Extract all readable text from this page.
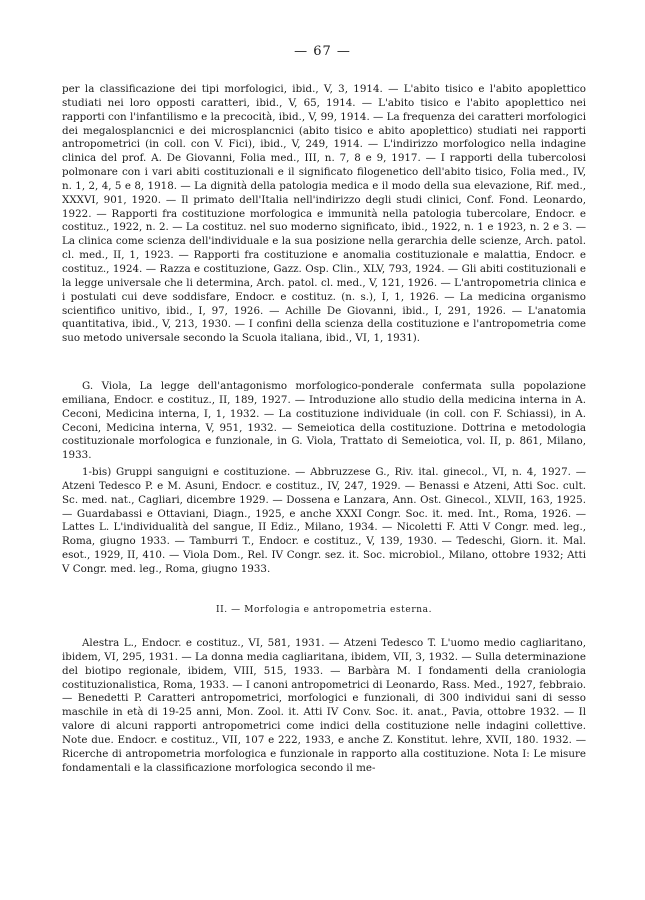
— 67 —

per la classificazione dei tipi morfologici, ibid., V, 3, 1914. — L'abito tisico e l'abito apoplettico studiati nei loro opposti caratteri, ibid., V, 65, 1914. — L'abito tisico e l'abito apoplettico nei rapporti con l'infantilismo e la precocità, ibid., V, 99, 1914. — La frequenza dei caratteri morfologici dei megalosplancnici e dei microsplancnici (abito tisico e abito apoplettico) studiati nei rapporti antropometrici (in coll. con V. Fici), ibid., V, 249, 1914. — L'indirizzo morfologico nella indagine clinica del prof. A. De Giovanni, Folia med., III, n. 7, 8 e 9, 1917. — I rapporti della tubercolosi polmonare con i vari abiti costituzionali e il significato filogenetico dell'abito tisico, Folia med., IV, n. 1, 2, 4, 5 e 8, 1918. — La dignità della patologia medica e il modo della sua elevazione, Rif. med., XXXVI, 901, 1920. — Il primato dell'Italia nell'indirizzo degli studi clinici, Conf. Fond. Leonardo, 1922. — Rapporti fra costituzione morfologica e immunità nella patologia tubercolare, Endocr. e costituz., 1922, n. 2. — La costituz. nel suo moderno significato, ibid., 1922, n. 1 e 1923, n. 2 e 3. — La clinica come scienza dell'individuale e la sua posizione nella gerarchia delle scienze, Arch. patol. cl. med., II, 1, 1923. — Rapporti fra costituzione e anomalia costituzionale e malattia, Endocr. e costituz., 1924. — Razza e costituzione, Gazz. Osp. Clin., XLV, 793, 1924. — Gli abiti costituzionali e la legge universale che li determina, Arch. patol. cl. med., V, 121, 1926. — L'antropometria clinica e i postulati cui deve soddisfare, Endocr. e costituz. (n. s.), I, 1, 1926. — La medicina organismo scientifico unitivo, ibid., I, 97, 1926. — Achille De Giovanni, ibid., I, 291, 1926. — L'anatomia quantitativa, ibid., V, 213, 1930. — I confini della scienza della costituzione e l'antropometria come suo metodo universale secondo la Scuola italiana, ibid., VI, 1, 1931).

G. Viola, La legge dell'antagonismo morfologico-ponderale confermata sulla popolazione emiliana, Endocr. e costituz., II, 189, 1927. — Introduzione allo studio della medicina interna in A. Ceconi, Medicina interna, I, 1, 1932. — La costituzione individuale (in coll. con F. Schiassi), in A. Ceconi, Medicina interna, V, 951, 1932. — Semeiotica della costituzione. Dottrina e metodologia costituzionale morfologica e funzionale, in G. Viola, Trattato di Semeiotica, vol. II, p. 861, Milano, 1933.

1-bis) Gruppi sanguigni e costituzione. — Abbruzzese G., Riv. ital. ginecol., VI, n. 4, 1927. — Atzeni Tedesco P. e M. Asuni, Endocr. e costituz., IV, 247, 1929. — Benassi e Atzeni, Atti Soc. cult. Sc. med. nat., Cagliari, dicembre 1929. — Dossena e Lanzara, Ann. Ost. Ginecol., XLVII, 163, 1925. — Guardabassi e Ottaviani, Diagn., 1925, e anche XXXI Congr. Soc. it. med. Int., Roma, 1926. — Lattes L. L'individualità del sangue, II Ediz., Milano, 1934. — Nicoletti F. Atti V Congr. med. leg., Roma, giugno 1933. — Tamburri T., Endocr. e costituz., V, 139, 1930. — Tedeschi, Giorn. it. Mal. esot., 1929, II, 410. — Viola Dom., Rel. IV Congr. sez. it. Soc. microbiol., Milano, ottobre 1932; Atti V Congr. med. leg., Roma, giugno 1933.

II. — Morfologia e antropometria esterna.

Alestra L., Endocr. e costituz., VI, 581, 1931. — Atzeni Tedesco T. L'uomo medio cagliaritano, ibidem, VI, 295, 1931. — La donna media cagliaritana, ibidem, VII, 3, 1932. — Sulla determinazione del biotipo regionale, ibidem, VIII, 515, 1933. — Barbàra M. I fondamenti della craniologia costituzionalistica, Roma, 1933. — I canoni antropometrici di Leonardo, Rass. Med., 1927, febbraio. — Benedetti P. Caratteri antropometrici, morfologici e funzionali, di 300 individui sani di sesso maschile in età di 19-25 anni, Mon. Zool. it. Atti IV Conv. Soc. it. anat., Pavia, ottobre 1932. — Il valore di alcuni rapporti antropometrici come indici della costituzione nelle indagini collettive. Note due. Endocr. e costituz., VII, 107 e 222, 1933, e anche Z. Konstitut. lehre, XVII, 180. 1932. — Ricerche di antropometria morfologica e funzionale in rapporto alla costituzione. Nota I: Le misure fondamentali e la classificazione morfologica secondo il me-
